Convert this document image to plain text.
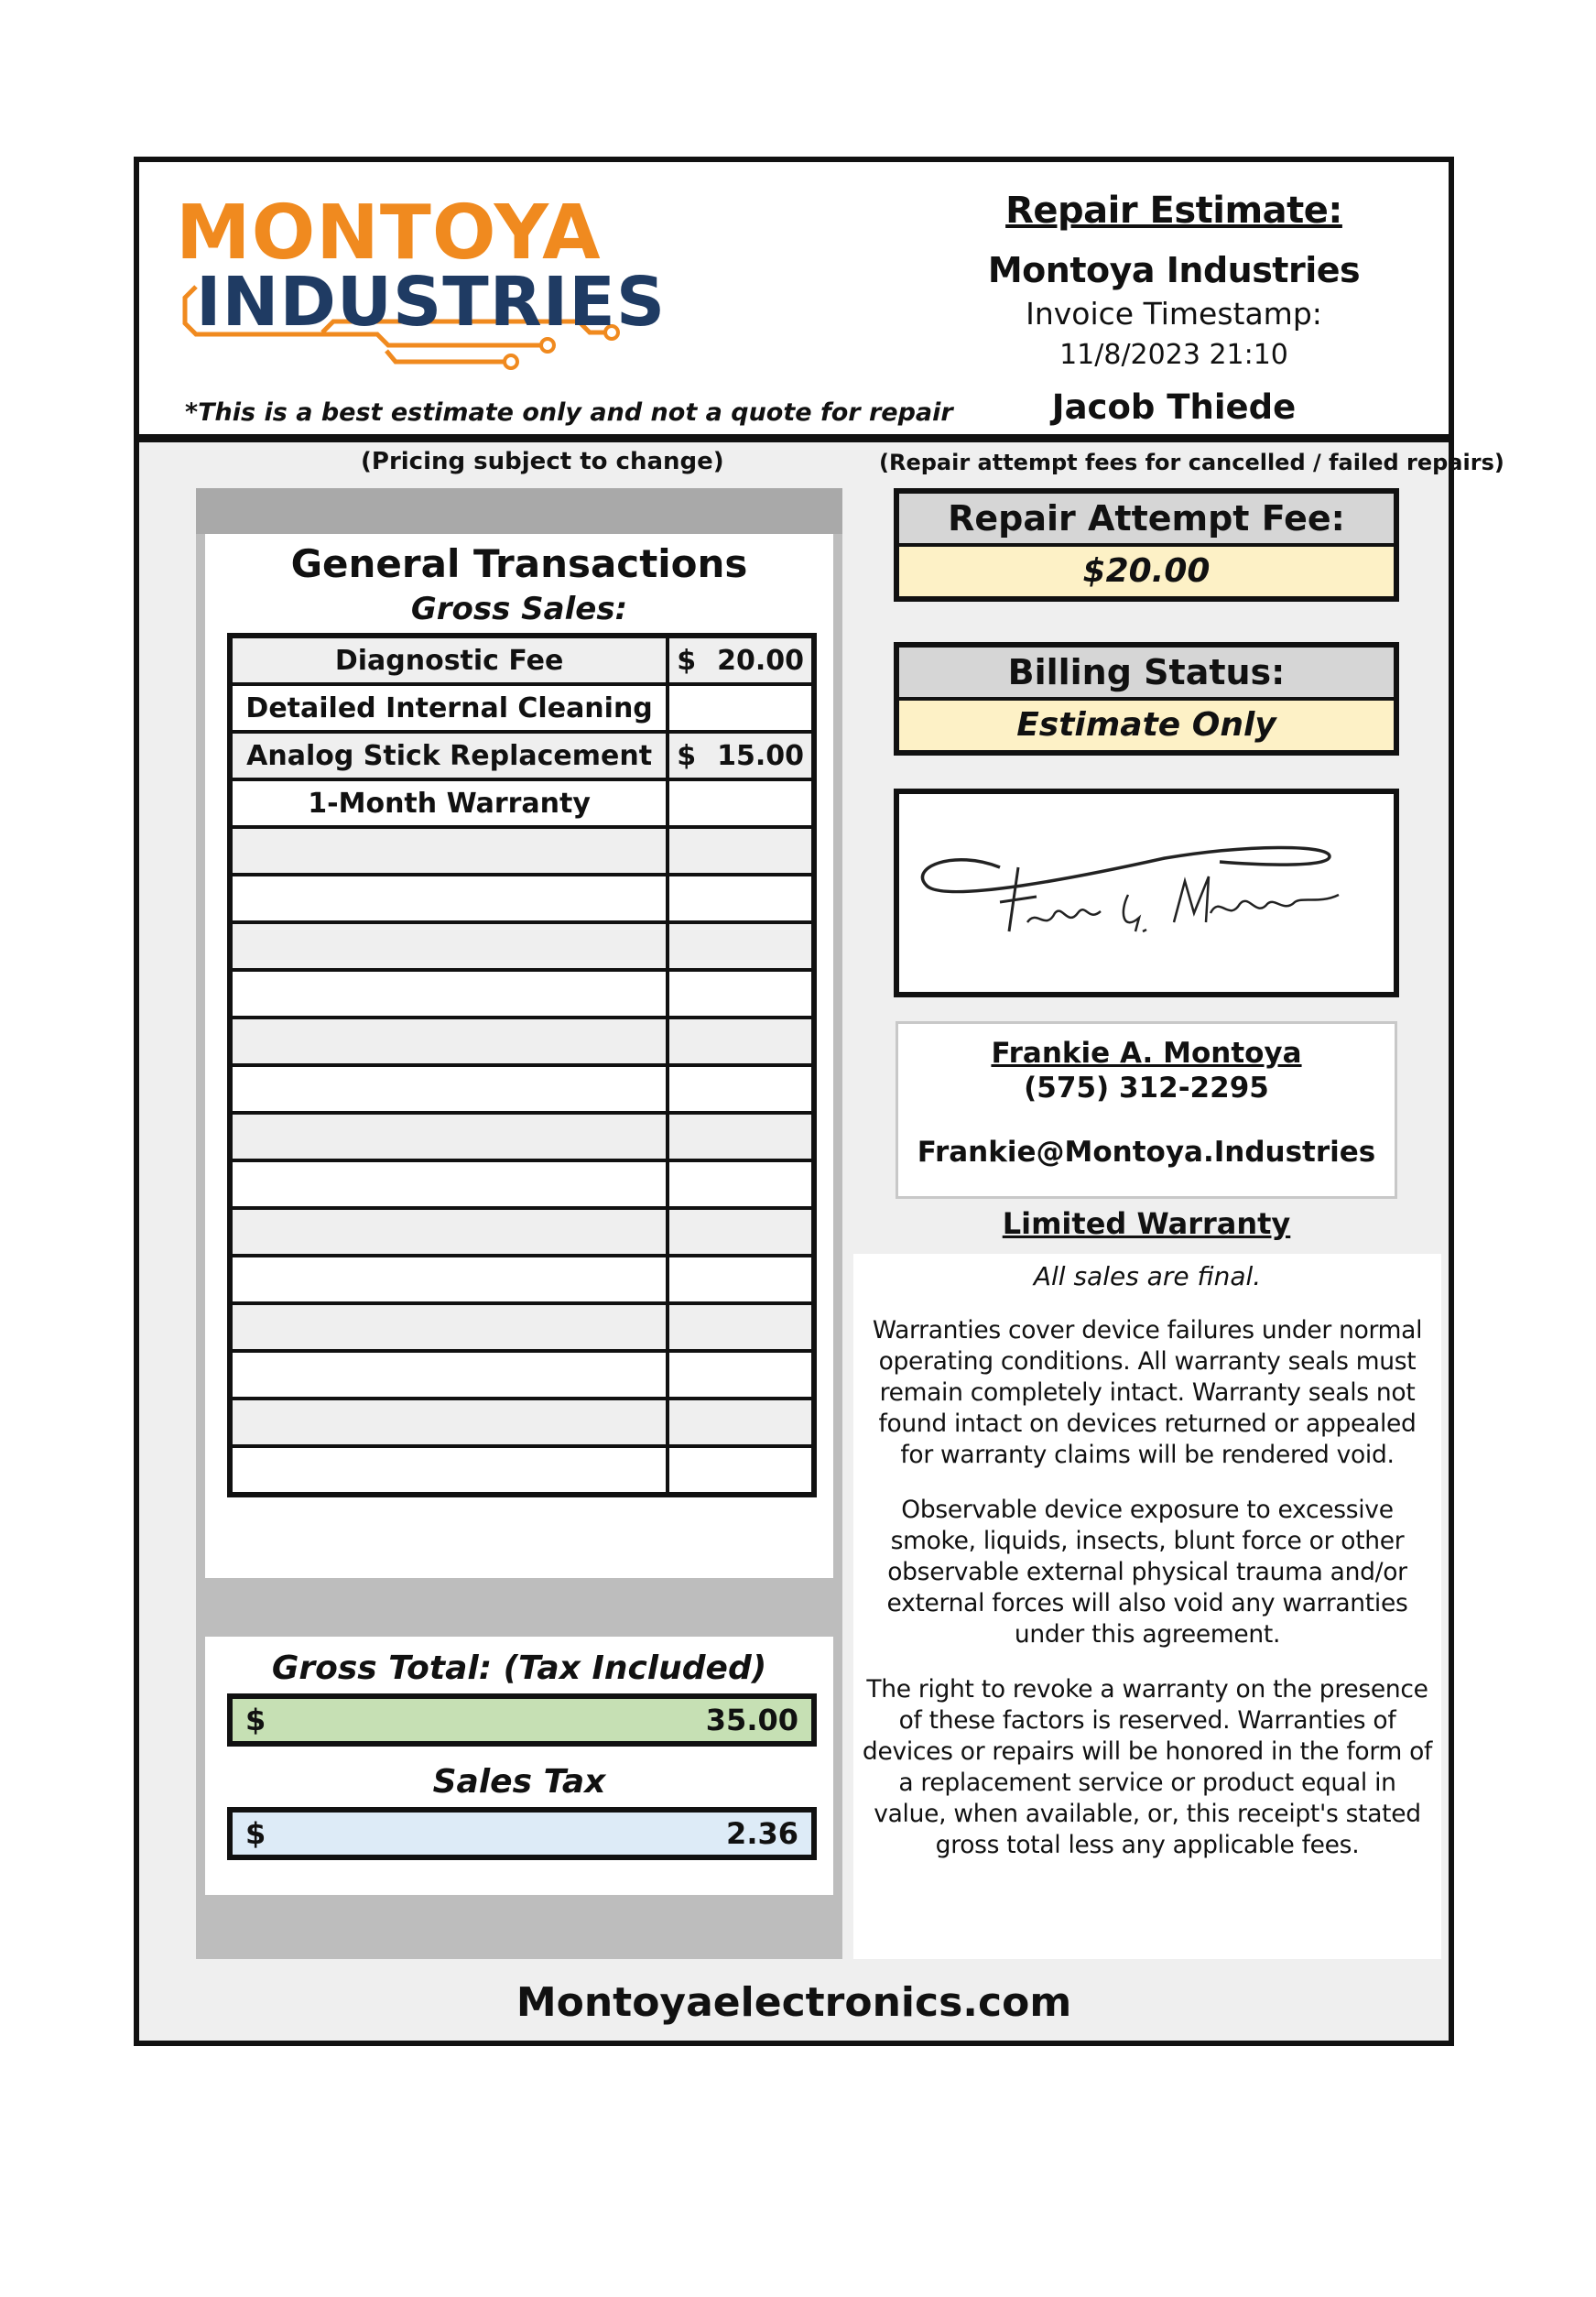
MONTOYA
INDUSTRIES
*This is a best estimate only and not a quote for repair
Repair Estimate:
Montoya Industries
Invoice Timestamp:
11/8/2023 21:10
Jacob Thiede
(Pricing subject to change)	(Repair attempt fees for cancelled / failed repairs)
General Transactions
Gross Sales:
Diagnostic Fee	$ 20.00

Detailed Internal Cleaning	

Analog Stick Replacement	$ 15.00

1-Month Warranty	

Gross Total: (Tax Included)
$	35.00
Sales Tax
$	2.36
Repair Attempt Fee:
$20.00
Billing Status:
Estimate Only
Frankie A. Montoya
(575) 312-2295
Frankie@Montoya.Industries
Limited Warranty
All sales are final.
Warranties cover device failures under normal operating conditions. All warranty seals must remain completely intact. Warranty seals not found intact on devices returned or appealed for warranty claims will be rendered void.
Observable device exposure to excessive smoke, liquids, insects, blunt force or other observable external physical trauma and/or external forces will also void any warranties under this agreement.
The right to revoke a warranty on the presence of these factors is reserved. Warranties of devices or repairs will be honored in the form of a replacement service or product equal in value, when available, or, this receipt's stated gross total less any applicable fees.
Montoyaelectronics.com
